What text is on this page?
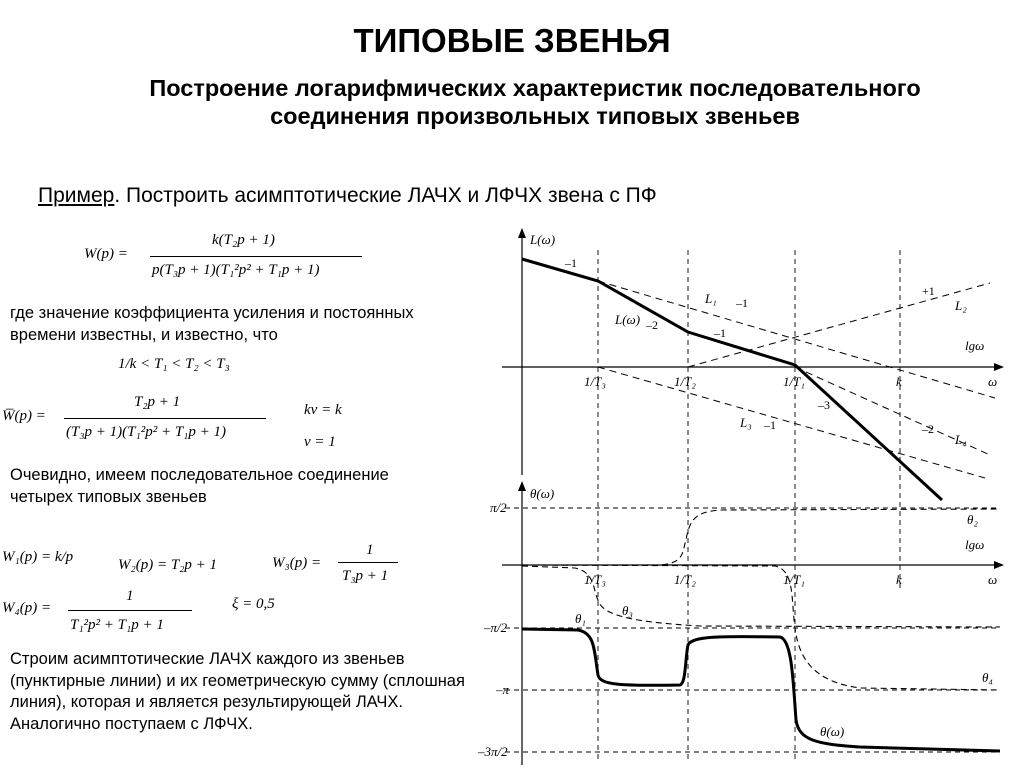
ТИПОВЫЕ ЗВЕНЬЯ
Построение логарифмических характеристик последовательного соединения произвольных типовых звеньев
Пример. Построить асимптотические ЛАЧХ и ЛФЧХ звена с ПФ
W(p) =
k(T₂p + 1)
p(T₃p + 1)(T₁²p² + T₁p + 1)
где значение коэффициента усиления и постоянных времени известны, и известно, что
1/k < T₁ < T₂ < T₃
W̅(p) =
T₂p + 1
(T₃p + 1)(T₁²p² + T₁p + 1)
kν = k
ν = 1
Очевидно, имеем последовательное соединение четырех типовых звеньев
W₁(p) = k/p	W₂(p) = T₂p + 1	W₃(p) =
1
T₃p + 1
W₄(p) =
1
T₁²p² + T₁p + 1
ξ = 0,5
Строим асимптотические ЛАЧХ каждого из звеньев (пунктирные линии) и их геометрическую сумму (сплошная линия), которая и является результирующей ЛАЧХ. Аналогично поступаем с ЛФЧХ.
L(ω)
lgω
ω
1/T₃	1/T₂	1/T₁	k
L₁	L₂
L₃
L₄
L(ω)
–1
–1
+1
–2
–1
–3
–1	–2
θ(ω)
lgω
ω
1/T₃	1/T₂	1/T₁	k
π/2
–π/2
–π
–3π/2
θ₁
θ₂
θ₃
θ₄
θ(ω)
